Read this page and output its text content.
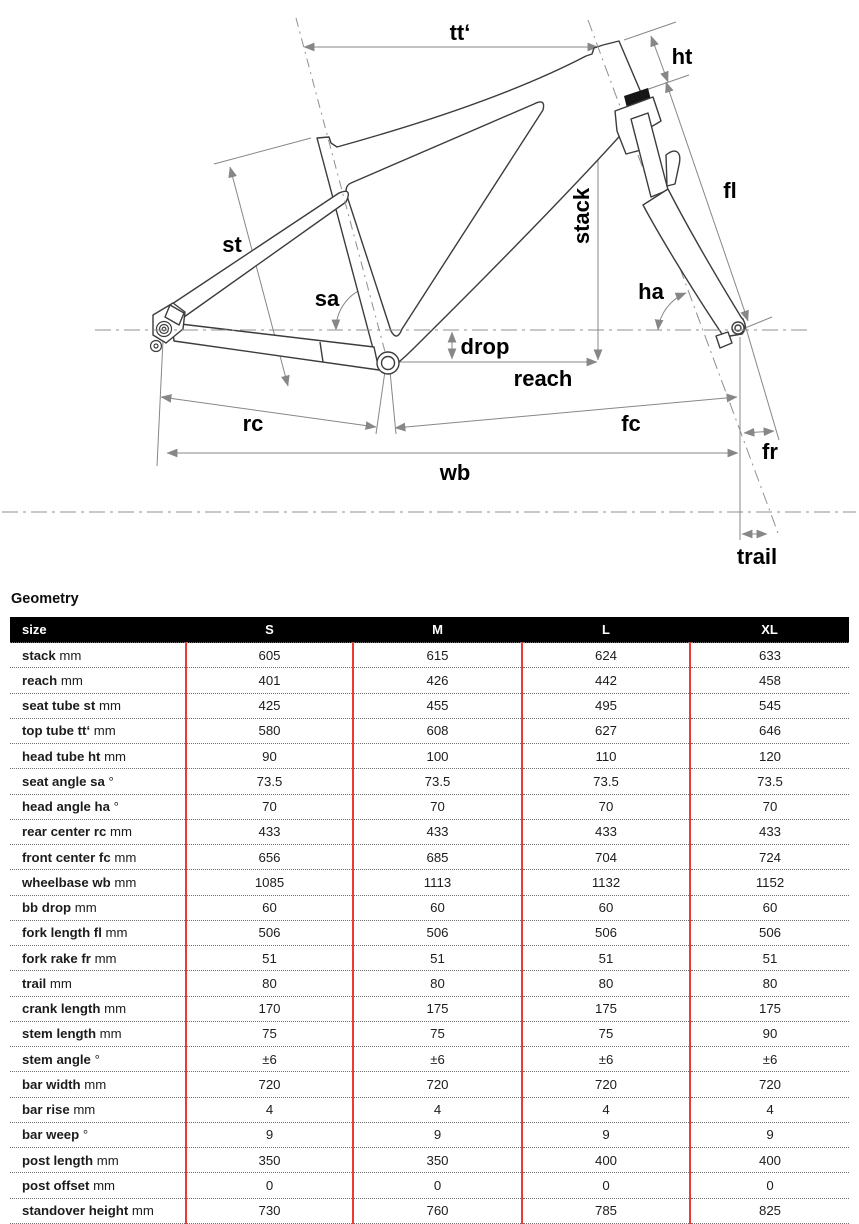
tt‘
ht
fl
stack
st
sa	ha
drop
reach
rc	fc
wb
fr
trail
Geometry
size	S	M	L	XL
stack mm	605	615	624	633
reach mm	401	426	442	458
seat tube st mm	425	455	495	545
top tube tt‘ mm	580	608	627	646
head tube ht mm	90	100	110	120
seat angle sa °	73.5	73.5	73.5	73.5
head angle ha °	70	70	70	70
rear center rc mm	433	433	433	433
front center fc mm	656	685	704	724
wheelbase wb mm	1085	1113	1132	1152
bb drop mm	60	60	60	60
fork length fl mm	506	506	506	506
fork rake fr mm	51	51	51	51
trail mm	80	80	80	80
crank length mm	170	175	175	175
stem length mm	75	75	75	90
stem angle °	±6	±6	±6	±6
bar width mm	720	720	720	720
bar rise mm	4	4	4	4
bar weep °	9	9	9	9
post length mm	350	350	400	400
post offset mm	0	0	0	0
standover height mm	730	760	785	825
